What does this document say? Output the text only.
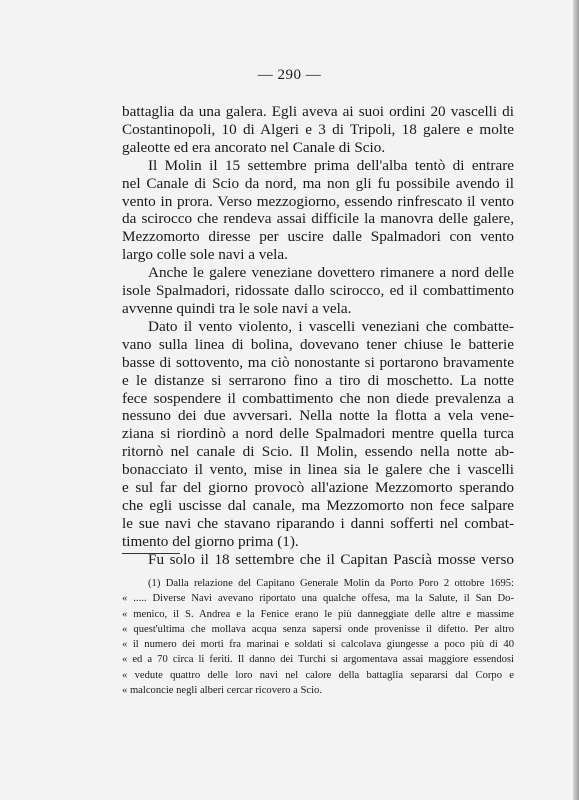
— 290 —
battaglia da una galera. Egli aveva ai suoi ordini 20 vascelli di
Costantinopoli, 10 di Algeri e 3 di Tripoli, 18 galere e molte
galeotte ed era ancorato nel Canale di Scio.
Il Molin il 15 settembre prima dell'alba tentò di entrare
nel Canale di Scio da nord, ma non gli fu possibile avendo il
vento in prora. Verso mezzogiorno, essendo rinfrescato il vento
da scirocco che rendeva assai difficile la manovra delle galere,
Mezzomorto diresse per uscire dalle Spalmadori con vento
largo colle sole navi a vela.
Anche le galere veneziane dovettero rimanere a nord delle
isole Spalmadori, ridossate dallo scirocco, ed il combattimento
avvenne quindi tra le sole navi a vela.
Dato il vento violento, i vascelli veneziani che combatte-
vano sulla linea di bolina, dovevano tener chiuse le batterie
basse di sottovento, ma ciò nonostante si portarono bravamente
e le distanze si serrarono fino a tiro di moschetto. La notte
fece sospendere il combattimento che non diede prevalenza a
nessuno dei due avversari. Nella notte la flotta a vela vene-
ziana si riordinò a nord delle Spalmadori mentre quella turca
ritornò nel canale di Scio. Il Molin, essendo nella notte ab-
bonacciato il vento, mise in linea sia le galere che i vascelli
e sul far del giorno provocò all'azione Mezzomorto sperando
che egli uscisse dal canale, ma Mezzomorto non fece salpare
le sue navi che stavano riparando i danni sofferti nel combat-
timento del giorno prima (1).
Fu solo il 18 settembre che il Capitan Pascià mosse verso
(1) Dalla relazione del Capitano Generale Molin da Porto Poro 2 ottobre 1695:
« ..... Diverse Navi avevano riportato una qualche offesa, ma la Salute, il San Do-
« menico, il S. Andrea e la Fenice erano le più danneggiate delle altre e massime
« quest'ultima che mollava acqua senza sapersi onde provenisse il difetto. Per altro
« il numero dei morti fra marinai e soldati si calcolava giungesse a poco più di 40
« ed a 70 circa li feriti. Il danno dei Turchi si argomentava assai maggiore essendosi
« vedute quattro delle loro navi nel calore della battaglia separarsi dal Corpo e
« malconcie negli alberi cercar ricovero a Scio.
